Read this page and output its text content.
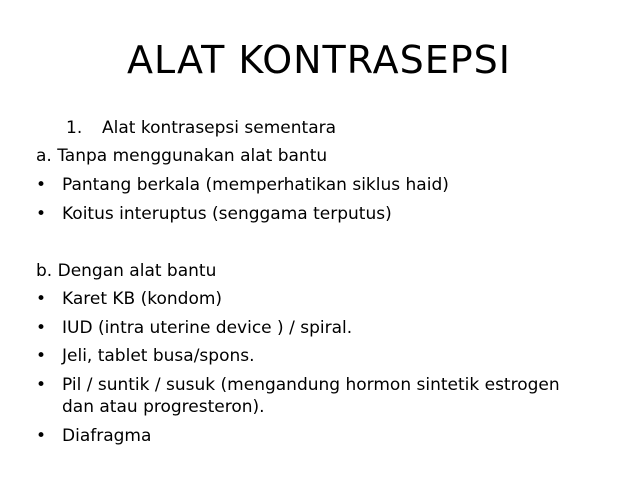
ALAT KONTRASEPSI
1. Alat kontrasepsi sementara
a. Tanpa menggunakan alat bantu
• Pantang berkala (memperhatikan siklus haid)
• Koitus interuptus (senggama terputus)
b. Dengan alat bantu
• Karet KB (kondom)
• IUD (intra uterine device ) / spiral.
• Jeli, tablet busa/spons.
• Pil / suntik / susuk (mengandung hormon sintetik estrogen
dan atau progresteron).
• Diafragma
